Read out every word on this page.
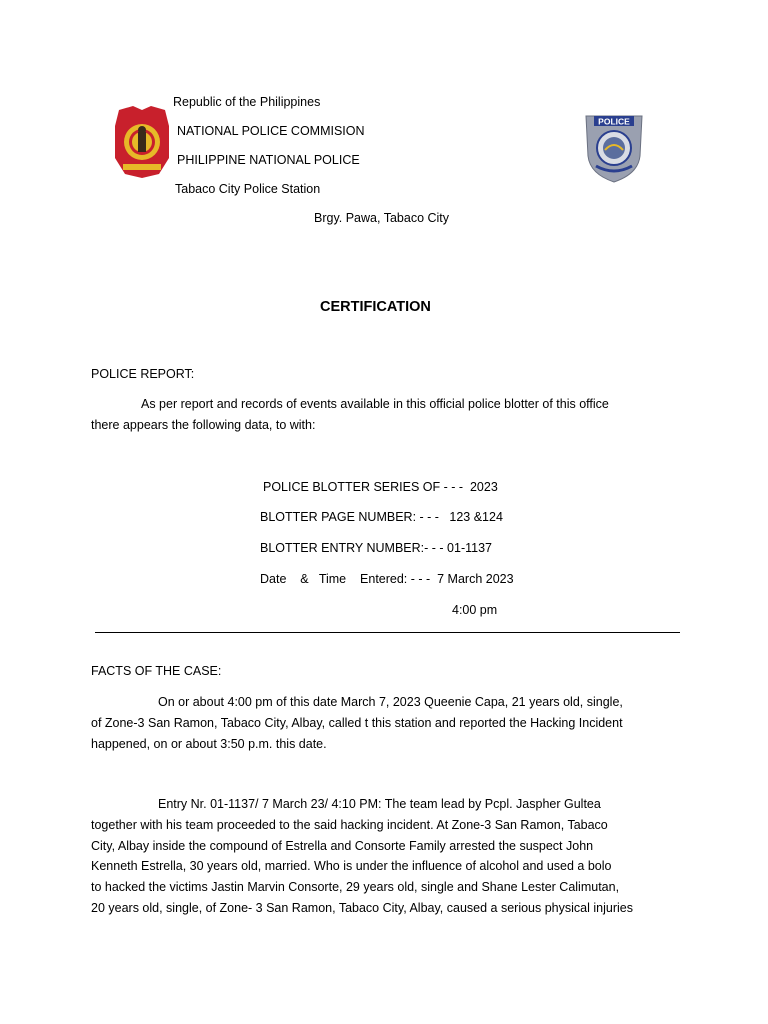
Republic of the Philippines
NATIONAL POLICE COMMISION
PHILIPPINE NATIONAL POLICE
Tabaco City Police Station
Brgy. Pawa, Tabaco City
POLICE
CERTIFICATION
POLICE REPORT:
As per report and records of events available in this official police blotter of this office
there appears the following data, to with:
POLICE BLOTTER SERIES OF - - -  2023
BLOTTER PAGE NUMBER: - - -   123 &124
BLOTTER ENTRY NUMBER:- - - 01-1137
Date    &   Time    Entered: - - -  7 March 2023
4:00 pm
FACTS OF THE CASE:
On or about 4:00 pm of this date March 7, 2023 Queenie Capa, 21 years old, single,
of Zone-3 San Ramon, Tabaco City, Albay, called t this station and reported the Hacking Incident
happened, on or about 3:50 p.m. this date.
Entry Nr. 01-1137/ 7 March 23/ 4:10 PM: The team lead by Pcpl. Jaspher Gultea
together with his team proceeded to the said hacking incident. At Zone-3 San Ramon, Tabaco
City, Albay inside the compound of Estrella and Consorte Family arrested the suspect John
Kenneth Estrella, 30 years old, married. Who is under the influence of alcohol and used a bolo
to hacked the victims Jastin Marvin Consorte, 29 years old, single and Shane Lester Calimutan,
20 years old, single, of Zone- 3 San Ramon, Tabaco City, Albay, caused a serious physical injuries
